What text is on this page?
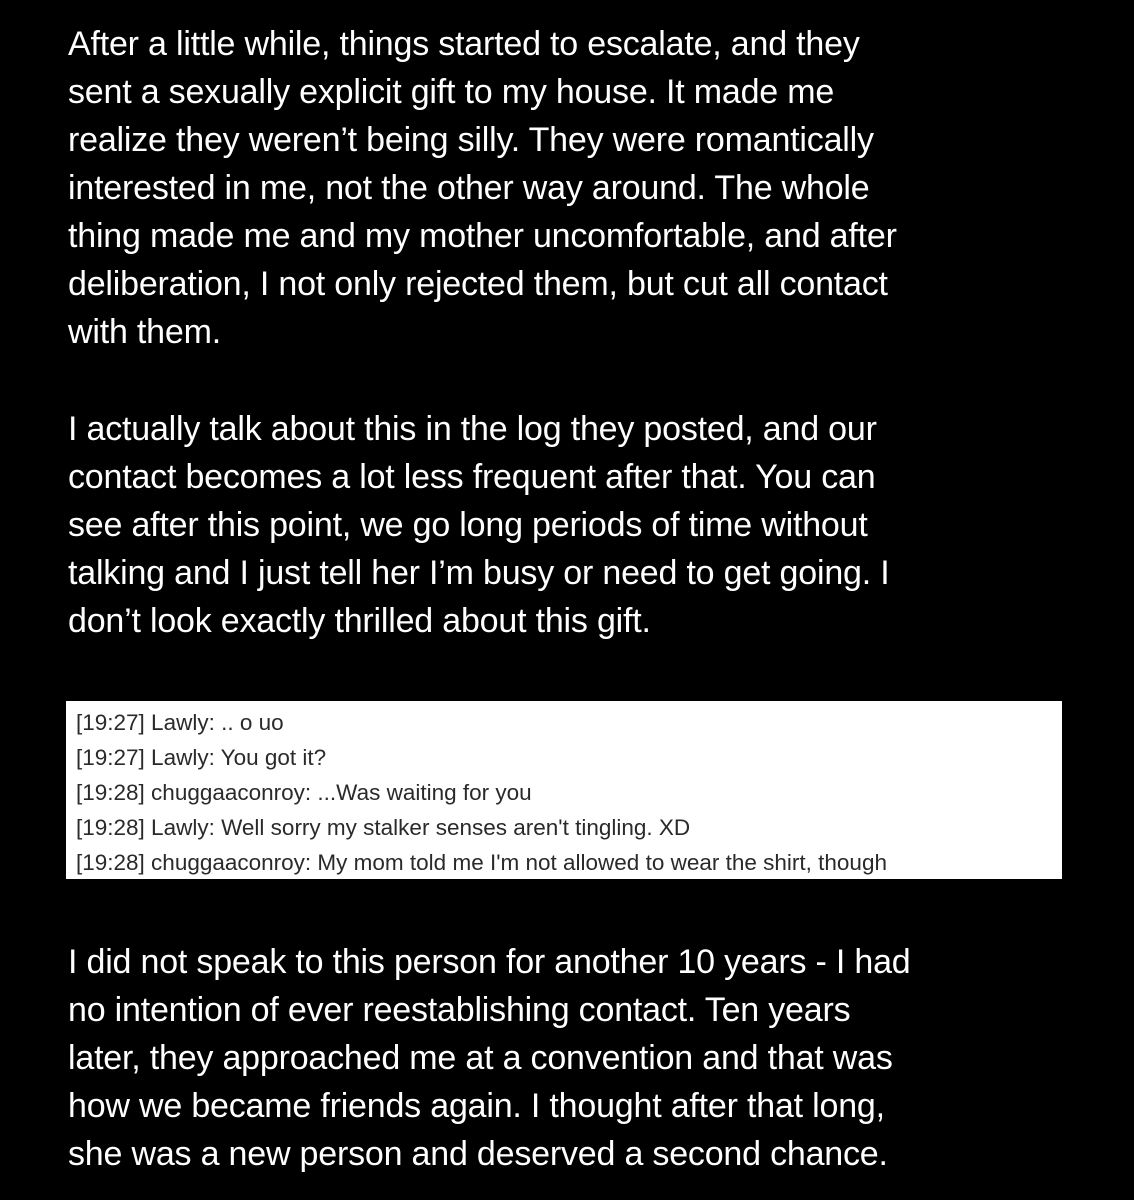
After a little while, things started to escalate, and they
sent a sexually explicit gift to my house. It made me
realize they weren’t being silly. They were romantically
interested in me, not the other way around. The whole
thing made me and my mother uncomfortable, and after
deliberation, I not only rejected them, but cut all contact
with them.
I actually talk about this in the log they posted, and our
contact becomes a lot less frequent after that. You can
see after this point, we go long periods of time without
talking and I just tell her I’m busy or need to get going. I
don’t look exactly thrilled about this gift.
[19:27] Lawly: .. o uo
[19:27] Lawly: You got it?
[19:28] chuggaaconroy: ...Was waiting for you
[19:28] Lawly: Well sorry my stalker senses aren't tingling. XD
[19:28] chuggaaconroy: My mom told me I'm not allowed to wear the shirt, though
I did not speak to this person for another 10 years - I had
no intention of ever reestablishing contact. Ten years
later, they approached me at a convention and that was
how we became friends again. I thought after that long,
she was a new person and deserved a second chance.
